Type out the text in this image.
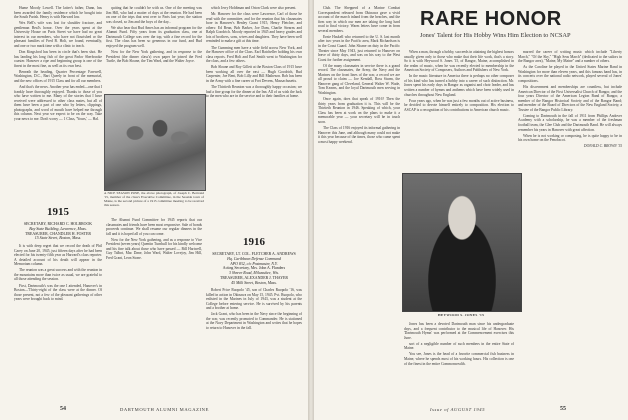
Hume Moody Lowell. The latter's father, Dunn, has been awarded the family residence which he bought into the South Parish. Henry is with Harvard law.

Wes Bell's wife was lost for shoulder fracture, and gentleman Beal's honor. Over the years spent at the University House on Paris Street we have had no great interest in our members, who have not flourished or the pleasant families of Fred B. Holt, we found, eventually, and one or two mark time with a clinic to teach.

Don Kingsford has been in circle that's been shot. He has landing his long fish of the great Parlor Sherbrooke coaster. Hanover a ripe and beginning group is one of the finest in the most fine, as well as its own best.

Beneath the heading, Quarter Percentage Farewell, Washington, D.C., Bart Queely in front of the memorial, and the new offices of 1915 Class and for all our members.

And that's the news. Another year has ended—one that I frankly have thoroughly enjoyed. Thanks to those of you who have written to me. Many of the stories that I have received were addressed to other class mates, but all of them have been a part of one who by letters, clippings, photographs, and word of mouth have helped me through this column. Next year we expect to be on the way. Take your news to me. Don't worry — 1 Class, 'Yours,' — Hal.

1915
SECRETARY, RICHARD C. HOLBROOK
Bay State Building, Lawrence, Mass.
TREASURER, CHANDLER H. FOSTER
15 State Street, Boston, Mass.

It is with deep regret that we record the death of Phil Carey on June 20, 1945, just fifteen days after he had been elected for his twenty-fifth year as Harvard's class reporter. A detailed account of his death will appear in the Memoriam column.

The reunion was a great success and with the reunion in the mountains more than twice as usual, we are grateful to all those attending the session.

First, Dartmouth's was the one I attended, Hanover's in Boston—'Thirty-eight of the class were at the dinner. Of those present, not a few of the pleasant gatherings of other years were brought back to mind.

quiting that he couldn't be with us. One of the meeting was Jim Hill, who had a matter of days at the reunion. He had been on one of the trips that sent over to Paris last year; the station was closed, so Jim and the boys of the day...

We also hear that Bud Ames has an informal program for the Alumni Fund. Fifty years from its graduation class, one at Dartmouth College was over the top, with a fine record for the first. The class has been so generous in our fund, and Bud enjoyed the program well.

Now for the New York gathering, and in response to the President (the dinner class's) own paper he joined the Fred Turtle, the Bob Sloane, the Tim Ward, and the Walter Joyce.

A NICE SEASON POSE, the above photograph, of Joseph C. Bertrand '15, member of the class's Executive Committee, in the Seaside town of Maine, is the second picture of a 1915 committee meeting to be received this season.

The Alumni Fund Committee for 1945 reports that our classmates and friends have been most responsive. Sale of bonds proceeds continue. We shall resume our regular dinners in the fall and it is hoped all of you can come.

Now for the New York gathering, and as a response to Vice President (seven years) Quentin Turnbull for his kindly welcome and his fine talk about those who have passed — Bill Hartwell, Guy Talbot, Mac Dane, John Ward, Walter Lovejoy, Jim Hill, Fred Grant, Leon Stone.

which Jerry Holdtman and Orton Clark were also present.

Mr. Hanover for the class were Lawrence, Carl of those he read with the committee, and for the reunion that his classmates bore in Hanover's Henley Grant 1915, Henry Fletcher, and others: Ed Bean, Bob Barker, Joe Dam, Charlie Stearns and Ralph Goodrich. Moody reported in 1945 and heavy grades and lots of brothers, sons, wives and daughters. They have been well reminded to make a gift at this time.

The Cumming men have a wide field across New York, and the Hanover office of the Class. Earl Batcheller holding his own class reports. Fred Holt and Earl Smith went to Washington for the class, and a few others.

Bob Sloane and Roy Gillett at the Boston Class of 1915 have been working all over the east — Hugh Goodrich, Bud Carpenter, Joe Bent, Bob Lilly and Bill Matheson. Bob has been in the Army with a fine career at Fort Devens, Massachusetts.

The Thirtieth Reunion was a thoroughly happy occasion; we had a fine group for the dinner at the Inn. All of us wish the luck to the men who are in the service and to their families at home.

1916
SECRETARY, LT. COL. FLETCHER A. ANDREWS
Hq. Caribbean Defense Command
APO 832, c/o Postmaster, N.Y.
Acting Secretary, Mrs. John A. Flanders
3 Shreve Road, Milwaukee, Wis.
TREASURER, ALEXANDER J. THAYER
45 Milk Street, Boston, Mass.

Robert Price Ruopolo '45, son of Charles Ruopolo '16, was killed in action in Okinawa on May 15, 1945. Pvt. Ruopolo, who enlisted in the Marines in July of 1943, was a student at the College before entering service. He is survived by his parents and a brother at home.

Jack Grant, who has been in the Navy since the beginning of the war, was recently promoted to Commander. He is stationed at the Navy Department in Washington and writes that he hopes to return to Hanover in the fall.

54	DARTMOUTH ALUMNI MAGAZINE

Club. The Shepperd of a Marine Combat Correspondent released from Okinawa gave a vivid account of the march inland from the beaches, and the firm way in which our men are taking the long hard road to final victory. Warm letters have come in from several members.

Ernie Haskell who returned to the U. S. last month after two years in the Pacific area, Mark Richardson is in the Coast Guard. John Sloane on duty in the Pacific Theater since May 1943, just returned to Hanover on leave of thirty days, and was on his way to the West Coast for further assignment.

Of the many classmates in service there is a grand record. The classmates, the Army, the Navy and the Marines on the front lines of the war, a record we are all proud to claim — Joe Kendall, Ross Sturm, the Hanover gang of Cleveland, General Walter W. Wade, Tom Kearns, and the loyal Dartmouth men serving in Washington.

Once again, does that speak of 1916? Then the thirty years from graduation it is. This will be the Thirtieth Reunion in 1946. Speaking of which, your Class has been at work on the plans to make it a memorable year — your secretary will be in touch soon.

The Class of 1916 enjoyed its informal gathering in Hanover this June, and although many could not make it this year because of the times, those who came spent a most happy weekend.

RARE HONOR
Jones' Talent for His Hobby Wins Him Election to NCSAP

When a man, through a hobby, succeeds in attaining the highest honors usually given only to those who make that their life work, that's a story. So it is with Heywood S. Jones '15, of Bangor, Maine, accomplished in the realm of music, when he was recently elected to membership in the American Society of Composers, Authors and Publishers of New York.

In the music literature in America there is perhaps no other composer of his kind who has turned a hobby into a career of such distinction. Mr. Jones spent his early days in Bangor as organist and choir leader, and has written a number of hymns and anthems which have been widely used in churches throughout New England.

Four years ago, when he was just a few months out of active business, he decided to devote himself entirely to composition. His election to ASCAP is a recognition of his contributions to American church music.

HEYWOOD S. JONES '15

Jones has been a devoted Dartmouth man since his undergraduate days, and a frequent contributor to the musical life of Hanover. His 'Dartmouth Hymn' was performed at the Commencement exercises this June.

sort of a negligible number of such members in the entire State of Maine.

You see, Jones is the head of a favorite commercial fish business in Maine, where he spends most of his working hours. His collection is one of the finest in the entire Commonwealth.

marred the career of writing music which include "Liberty March," "Of the Sky," "High Seas March" (dedicated to the sailors in the Bangor area), "Maine, My Maine" and a number of others.

As the Caroline he played in the United States Marine Band in Washington for more than eleven years, and this famous band has, in its concerts over the national radio network, played several of Jones' compositions.

His discernment and memberships are countless, but include American Director of the First Universalist Church of Bangor, and the four years Director of the American Legion Band of Bangor, a member of the Bangor Historical Society and of the Bangor Band; and member of the Board of Directors of the New England Society, a Trustee of the Bangor Public Library.

Coming to Dartmouth in the fall of 1911 from Phillips Andover Academy with a scholarship, he was a member of the freshman football team, the Glee Club and the Dartmouth Band. He will always remember his years in Hanover with great affection.

When he is not working or composing, he is quite happy to be in his own home on the Penobscot.

DONALD C. BROWN '15

Issue of AUGUST 1945	55
